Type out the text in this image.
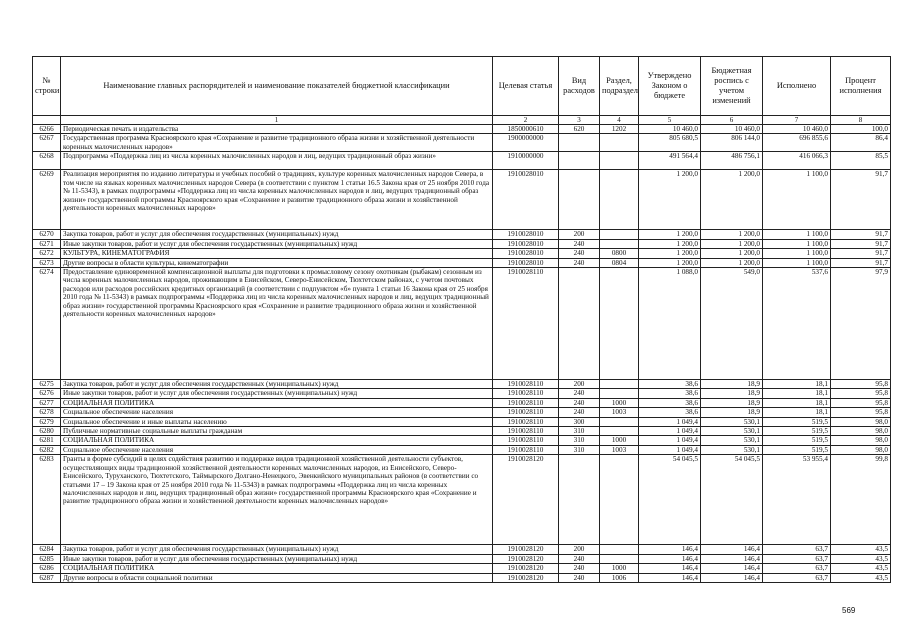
№ строки	Наименование главных распорядителей и наименование показателей бюджетной классификации	Целевая статья	Вид расходов	Раздел, подраздел	Утверждено Законом о бюджете	Бюджетная роспись с учетом изменений	Исполнено	Процент исполнения
	1	2	3	4	5	6	7	8
6266	Периодическая печать и издательства	1850000610	620	1202	10 460,0	10 460,0	10 460,0	100,0
6267	Государственная программа Красноярского края «Сохранение и развитие традиционного образа жизни и хозяйственной деятельности коренных малочисленных народов»	1900000000			805 680,5	806 144,0	696 855,6	86,4
6268	Подпрограмма «Поддержка лиц из числа коренных малочисленных народов и лиц, ведущих традиционный образ жизни»	1910000000			491 564,4	486 756,1	416 066,3	85,5
6269	Реализация мероприятия по изданию литературы и учебных пособий о традициях, культуре коренных малочисленных народов Севера, в том числе на языках коренных малочисленных народов Севера (в соответствии с пунктом 1 статьи 16.5 Закона края от 25 ноября 2010 года № 11-5343), в рамках подпрограммы «Поддержка лиц из числа коренных малочисленных народов и лиц, ведущих традиционный образ жизни» государственной программы Красноярского края «Сохранение и развитие традиционного образа жизни и хозяйственной деятельности коренных малочисленных народов»	1910028010			1 200,0	1 200,0	1 100,0	91,7
6270	Закупка товаров, работ и услуг для обеспечения государственных (муниципальных) нужд	1910028010	200		1 200,0	1 200,0	1 100,0	91,7
6271	Иные закупки товаров, работ и услуг для обеспечения государственных (муниципальных) нужд	1910028010	240		1 200,0	1 200,0	1 100,0	91,7
6272	КУЛЬТУРА, КИНЕМАТОГРАФИЯ	1910028010	240	0800	1 200,0	1 200,0	1 100,0	91,7
6273	Другие вопросы в области культуры, кинематографии	1910028010	240	0804	1 200,0	1 200,0	1 100,0	91,7
6274	Предоставление единовременной компенсационной выплаты для подготовки к промысловому сезону охотникам (рыбакам) сезонным из числа коренных малочисленных народов, проживающим в Енисейском, Северо-Енисейском, Тюхтетском районах, с учетом почтовых расходов или расходов российских кредитных организаций (в соответствии с подпунктом «б» пункта 1 статьи 16 Закона края от 25 ноября 2010 года № 11-5343) в рамках подпрограммы «Поддержка лиц из числа коренных малочисленных народов и лиц, ведущих традиционный образ жизни» государственной программы Красноярского края «Сохранение и развитие традиционного образа жизни и хозяйственной деятельности коренных малочисленных народов»	1910028110			1 088,0	549,0	537,6	97,9
6275	Закупка товаров, работ и услуг для обеспечения государственных (муниципальных) нужд	1910028110	200		38,6	18,9	18,1	95,8
6276	Иные закупки товаров, работ и услуг для обеспечения государственных (муниципальных) нужд	1910028110	240		38,6	18,9	18,1	95,8
6277	СОЦИАЛЬНАЯ ПОЛИТИКА	1910028110	240	1000	38,6	18,9	18,1	95,8
6278	Социальное обеспечение населения	1910028110	240	1003	38,6	18,9	18,1	95,8
6279	Социальное обеспечение и иные выплаты населению	1910028110	300		1 049,4	530,1	519,5	98,0
6280	Публичные нормативные социальные выплаты гражданам	1910028110	310		1 049,4	530,1	519,5	98,0
6281	СОЦИАЛЬНАЯ ПОЛИТИКА	1910028110	310	1000	1 049,4	530,1	519,5	98,0
6282	Социальное обеспечение населения	1910028110	310	1003	1 049,4	530,1	519,5	98,0
6283	Гранты в форме субсидий в целях содействия развитию и поддержке видов традиционной хозяйственной деятельности субъектов, осуществляющих виды традиционной хозяйственной деятельности коренных малочисленных народов, из Енисейского, Северо-Енисейского, Туруханского, Тюхтетского, Таймырского Долгано-Ненецкого, Эвенкийского муниципальных районов (в соответствии со статьями 17 – 19 Закона края от 25 ноября 2010 года № 11-5343) в рамках подпрограммы «Поддержка лиц из числа коренных малочисленных народов и лиц, ведущих традиционный образ жизни» государственной программы Красноярского края «Сохранение и развитие традиционного образа жизни и хозяйственной деятельности коренных малочисленных народов»	1910028120			54 045,5	54 045,5	53 955,4	99,8
6284	Закупка товаров, работ и услуг для обеспечения государственных (муниципальных) нужд	1910028120	200		146,4	146,4	63,7	43,5
6285	Иные закупки товаров, работ и услуг для обеспечения государственных (муниципальных) нужд	1910028120	240		146,4	146,4	63,7	43,5
6286	СОЦИАЛЬНАЯ ПОЛИТИКА	1910028120	240	1000	146,4	146,4	63,7	43,5
6287	Другие вопросы в области социальной политики	1910028120	240	1006	146,4	146,4	63,7	43,5
569
